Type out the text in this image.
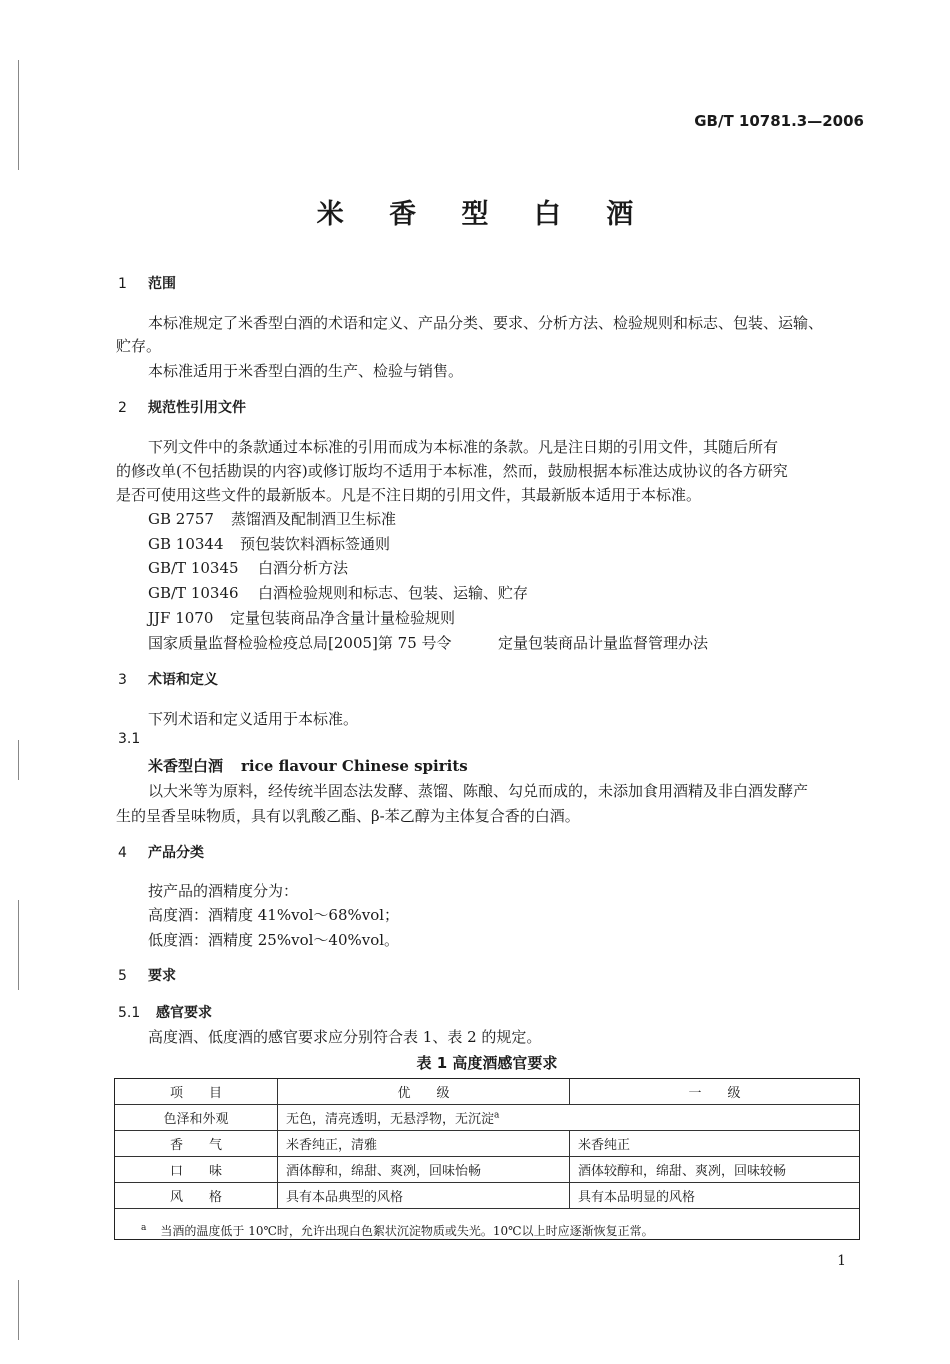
GB/T 10781.3—2006
米 香 型 白 酒
1 范围
本标准规定了米香型白酒的术语和定义、产品分类、要求、分析方法、检验规则和标志、包装、运输、
贮存。
本标准适用于米香型白酒的生产、检验与销售。
2 规范性引用文件
下列文件中的条款通过本标准的引用而成为本标准的条款。凡是注日期的引用文件，其随后所有
的修改单(不包括勘误的内容)或修订版均不适用于本标准，然而，鼓励根据本标准达成协议的各方研究
是否可使用这些文件的最新版本。凡是不注日期的引用文件，其最新版本适用于本标准。
GB 2757 蒸馏酒及配制酒卫生标准
GB 10344 预包装饮料酒标签通则
GB/T 10345 白酒分析方法
GB/T 10346 白酒检验规则和标志、包装、运输、贮存
JJF 1070 定量包装商品净含量计量检验规则
国家质量监督检验检疫总局[2005]第 75 号令	定量包装商品计量监督管理办法
3 术语和定义
下列术语和定义适用于本标准。
3.1
米香型白酒 rice flavour Chinese spirits
以大米等为原料，经传统半固态法发酵、蒸馏、陈酿、勾兑而成的，未添加食用酒精及非白酒发酵产
生的呈香呈味物质，具有以乳酸乙酯、β-苯乙醇为主体复合香的白酒。
4 产品分类
按产品的酒精度分为：
高度酒：酒精度 41%vol～68%vol；
低度酒：酒精度 25%vol～40%vol。
5 要求
5.1 感官要求
高度酒、低度酒的感官要求应分别符合表 1、表 2 的规定。
表 1 高度酒感官要求
项　　目	优　　级	一　　级
色泽和外观	无色，清亮透明，无悬浮物，无沉淀$^a$
香　　气	米香纯正，清雅	米香纯正
口　　味	酒体醇和，绵甜、爽冽，回味怡畅	酒体较醇和，绵甜、爽冽，回味较畅
风　　格	具有本品典型的风格	具有本品明显的风格
$^a$ 当酒的温度低于 10℃时，允许出现白色絮状沉淀物质或失光。10℃以上时应逐渐恢复正常。
1
